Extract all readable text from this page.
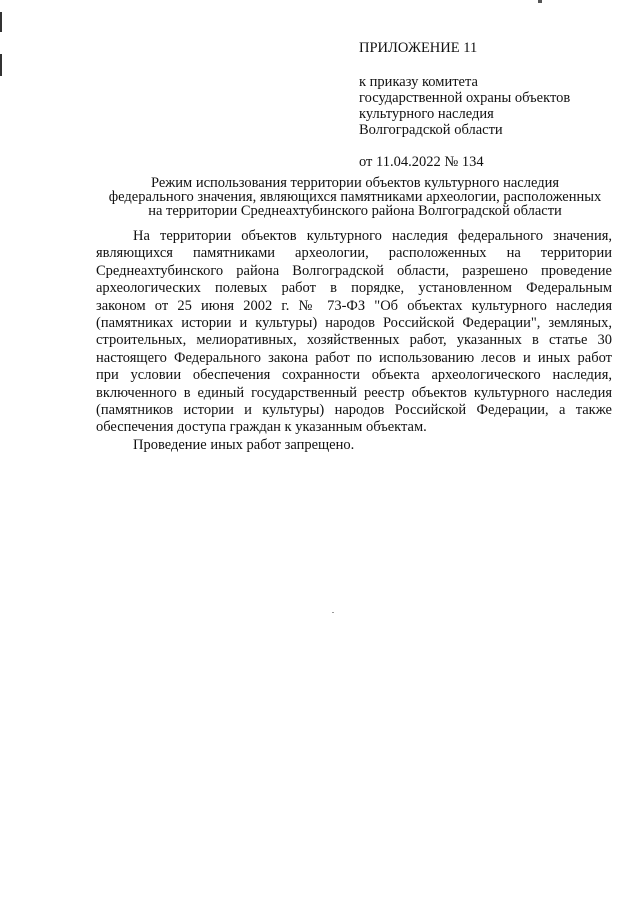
ПРИЛОЖЕНИЕ 11
к приказу комитета
государственной охраны объектов
культурного наследия
Волгоградской области
от 11.04.2022 № 134
Режим использования территории объектов культурного наследия
федерального значения, являющихся памятниками археологии, расположенных
на территории Среднеахтубинского района Волгоградской области
На территории объектов культурного наследия федерального значения,
являющихся памятниками археологии, расположенных на территории
Среднеахтубинского района Волгоградской области, разрешено проведение
археологических полевых работ в порядке, установленном Федеральным
законом от 25 июня 2002 г. № 73-ФЗ "Об объектах культурного наследия
(памятниках истории и культуры) народов Российской Федерации", земляных,
строительных, мелиоративных, хозяйственных работ, указанных в статье 30
настоящего Федерального закона работ по использованию лесов и иных работ
при условии обеспечения сохранности объекта археологического наследия,
включенного в единый государственный реестр объектов культурного наследия
(памятников истории и культуры) народов Российской Федерации, а также
обеспечения доступа граждан к указанным объектам.
Проведение иных работ запрещено.
